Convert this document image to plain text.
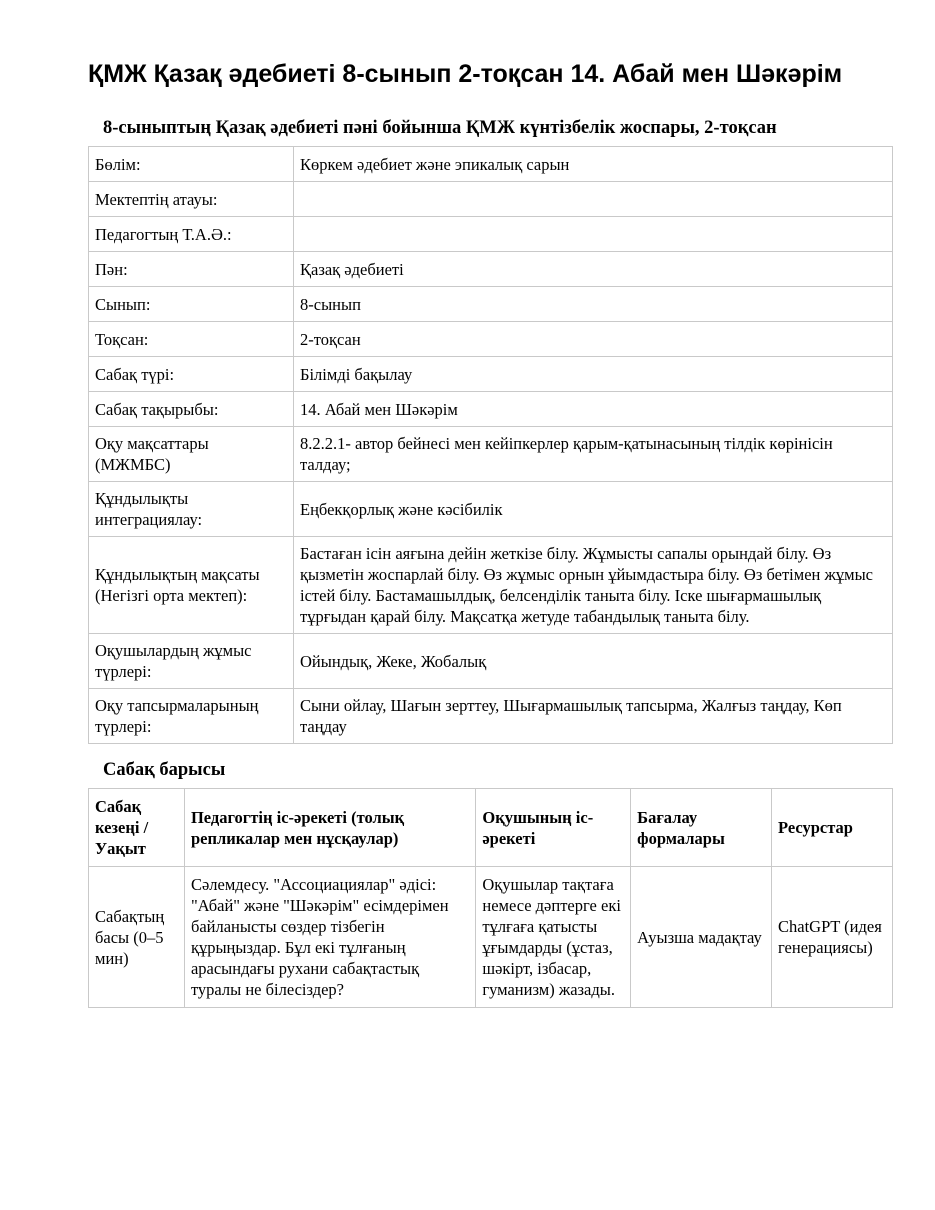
ҚМЖ Қазақ әдебиеті 8-сынып 2-тоқсан 14. Абай мен Шәкәрім
8-сыныптың Қазақ әдебиеті пәні бойынша ҚМЖ күнтізбелік жоспары, 2-тоқсан
Бөлім:	Көркем әдебиет және эпикалық сарын
Мектептің атауы:	
Педагогтың Т.А.Ә.:	
Пән:	Қазақ әдебиеті
Сынып:	8-сынып
Тоқсан:	2-тоқсан
Сабақ түрі:	Білімді бақылау
Сабақ тақырыбы:	14. Абай мен Шәкәрім
Оқу мақсаттары (МЖМБС)	8.2.2.1- автор бейнесі мен кейіпкерлер қарым-қатынасының тілдік көрінісін талдау;
Құндылықты интеграциялау:	Еңбекқорлық және кәсібилік
Құндылықтың мақсаты (Негізгі орта мектеп):	Бастаған ісін аяғына дейін жеткізе білу. Жұмысты сапалы орындай білу. Өз қызметін жоспарлай білу. Өз жұмыс орнын ұйымдастыра білу. Өз бетімен жұмыс істей білу. Бастамашылдық, белсенділік таныта білу. Іске шығармашылық тұрғыдан қарай білу. Мақсатқа жетуде табандылық таныта білу.
Оқушылардың жұмыс түрлері:	Ойындық, Жеке, Жобалық
Оқу тапсырмаларының түрлері:	Сыни ойлау, Шағын зерттеу, Шығармашылық тапсырма, Жалғыз таңдау, Көп таңдау
Сабақ барысы
Сабақ кезеңі / Уақыт	Педагогтің іс-әрекеті (толық репликалар мен нұсқаулар)	Оқушының іс-әрекеті	Бағалау формалары	Ресурстар
Сабақтың басы (0–5 мин)	Сәлемдесу. "Ассоциациялар" әдісі: "Абай" және "Шәкәрім" есімдерімен байланысты сөздер тізбегін құрыңыздар. Бұл екі тұлғаның арасындағы рухани сабақтастық туралы не білесіздер?	Оқушылар тақтаға немесе дәптерге екі тұлғаға қатысты ұғымдарды (ұстаз, шәкірт, ізбасар, гуманизм) жазады.	Ауызша мадақтау	ChatGPT (идея генерациясы)
